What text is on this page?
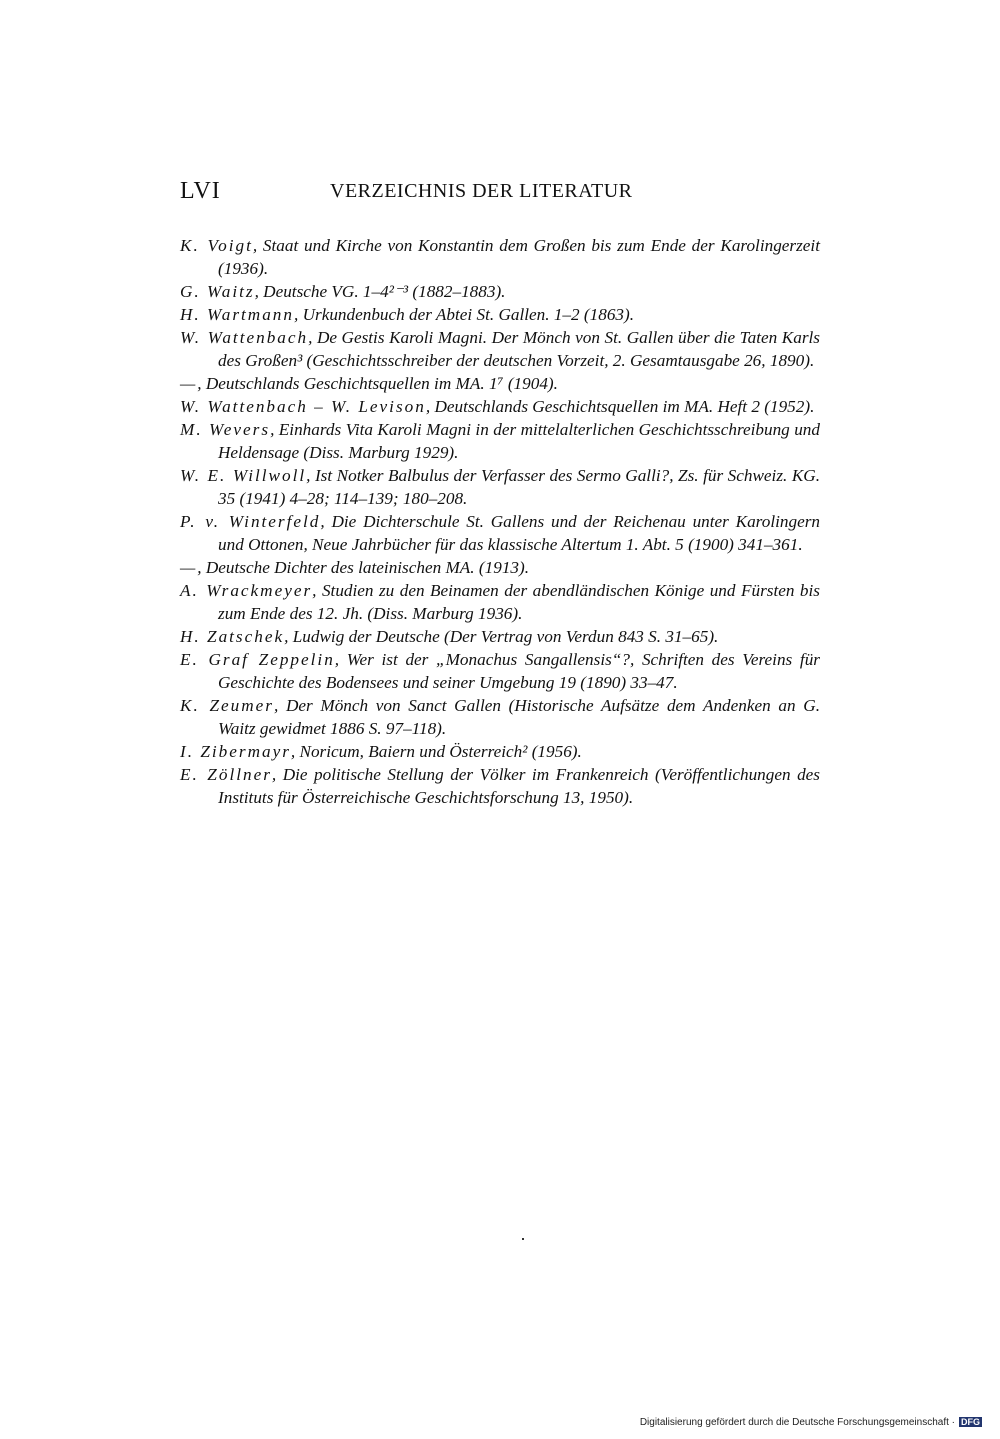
LVI	VERZEICHNIS DER LITERATUR
K. Voigt, Staat und Kirche von Konstantin dem Großen bis zum Ende der Karolingerzeit (1936).
G. Waitz, Deutsche VG. 1–4²⁻³ (1882–1883).
H. Wartmann, Urkundenbuch der Abtei St. Gallen. 1–2 (1863).
W. Wattenbach, De Gestis Karoli Magni. Der Mönch von St. Gallen über die Taten Karls des Großen³ (Geschichtsschreiber der deutschen Vorzeit, 2. Gesamtausgabe 26, 1890).
—, Deutschlands Geschichtsquellen im MA. 1⁷ (1904).
W. Wattenbach – W. Levison, Deutschlands Geschichtsquellen im MA. Heft 2 (1952).
M. Wevers, Einhards Vita Karoli Magni in der mittelalterlichen Geschichtsschreibung und Heldensage (Diss. Marburg 1929).
W. E. Willwoll, Ist Notker Balbulus der Verfasser des Sermo Galli?, Zs. für Schweiz. KG. 35 (1941) 4–28; 114–139; 180–208.
P. v. Winterfeld, Die Dichterschule St. Gallens und der Reichenau unter Karolingern und Ottonen, Neue Jahrbücher für das klassische Altertum 1. Abt. 5 (1900) 341–361.
—, Deutsche Dichter des lateinischen MA. (1913).
A. Wrackmeyer, Studien zu den Beinamen der abendländischen Könige und Fürsten bis zum Ende des 12. Jh. (Diss. Marburg 1936).
H. Zatschek, Ludwig der Deutsche (Der Vertrag von Verdun 843 S. 31–65).
E. Graf Zeppelin, Wer ist der „Monachus Sangallensis“?, Schriften des Vereins für Geschichte des Bodensees und seiner Umgebung 19 (1890) 33–47.
K. Zeumer, Der Mönch von Sanct Gallen (Historische Aufsätze dem Andenken an G. Waitz gewidmet 1886 S. 97–118).
I. Zibermayr, Noricum, Baiern und Österreich² (1956).
E. Zöllner, Die politische Stellung der Völker im Frankenreich (Veröffentlichungen des Instituts für Österreichische Geschichtsforschung 13, 1950).
Digitalisierung gefördert durch die Deutsche Forschungsgemeinschaft · DFG
